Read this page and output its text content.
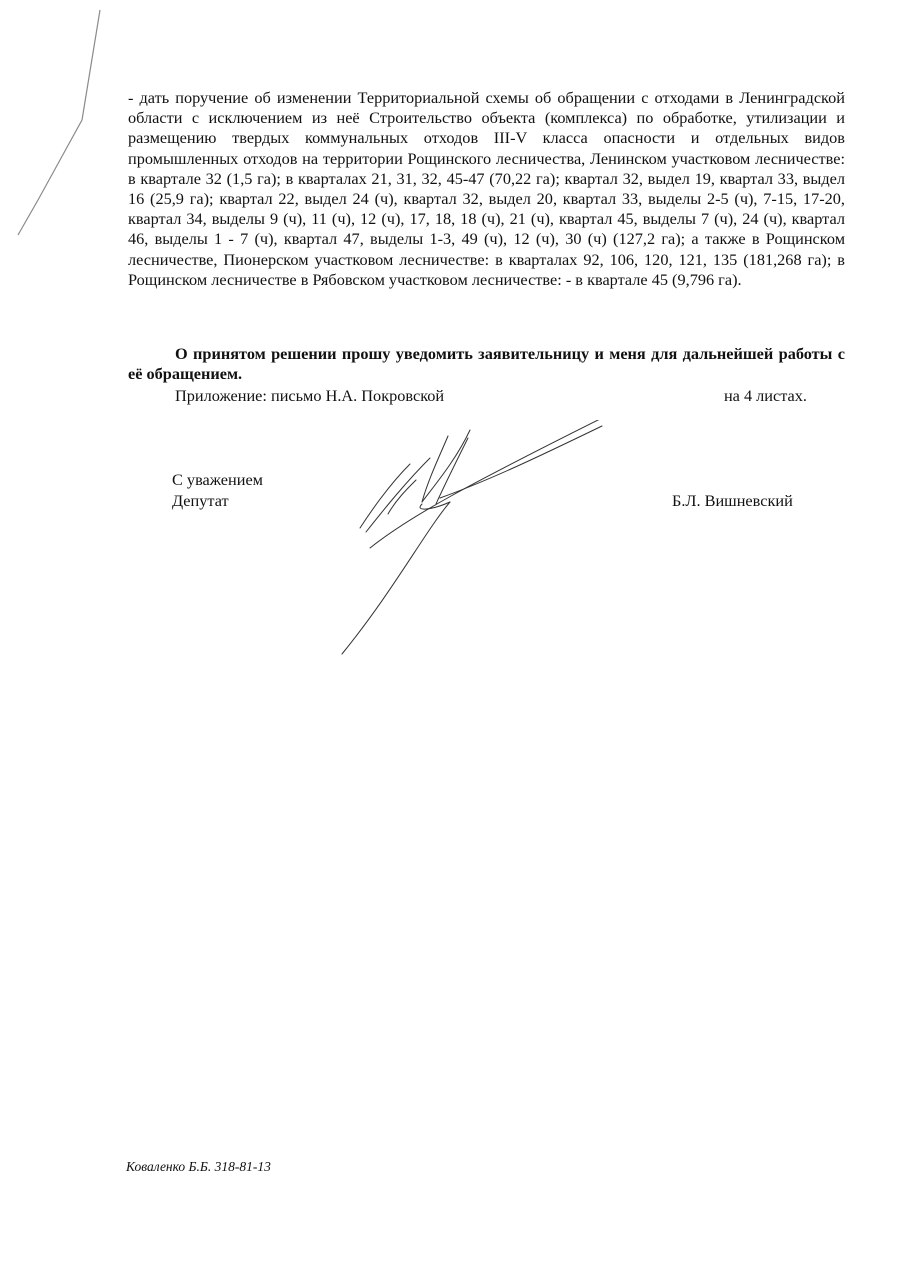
- дать поручение об изменении Территориальной схемы об обращении с отходами в Ленинградской области с исключением из неё Строительство объекта (комплекса) по обработке, утилизации и размещению твердых коммунальных отходов III-V класса опасности и отдельных видов промышленных отходов на территории Рощинского лесничества, Ленинском участковом лесничестве: в квартале 32 (1,5 га); в кварталах 21, 31, 32, 45-47 (70,22 га); квартал 32, выдел 19, квартал 33, выдел 16 (25,9 га); квартал 22, выдел 24 (ч), квартал 32, выдел 20, квартал 33, выделы 2-5 (ч), 7-15, 17-20, квартал 34, выделы 9 (ч), 11 (ч), 12 (ч), 17, 18, 18 (ч), 21 (ч), квартал 45, выделы 7 (ч), 24 (ч), квартал 46, выделы 1 - 7 (ч), квартал 47, выделы 1-3, 49 (ч), 12 (ч), 30 (ч) (127,2 га); а также в Рощинском лесничестве, Пионерском участковом лесничестве: в кварталах 92, 106, 120, 121, 135 (181,268 га); в Рощинском лесничестве в Рябовском участковом лесничестве: - в квартале 45 (9,796 га).

О принятом решении прошу уведомить заявительницу и меня для дальнейшей работы с её обращением.

Приложение: письмо Н.А. Покровской	на 4 листах.
С уважением
Депутат	Б.Л. Вишневский
Коваленко Б.Б. 318-81-13
